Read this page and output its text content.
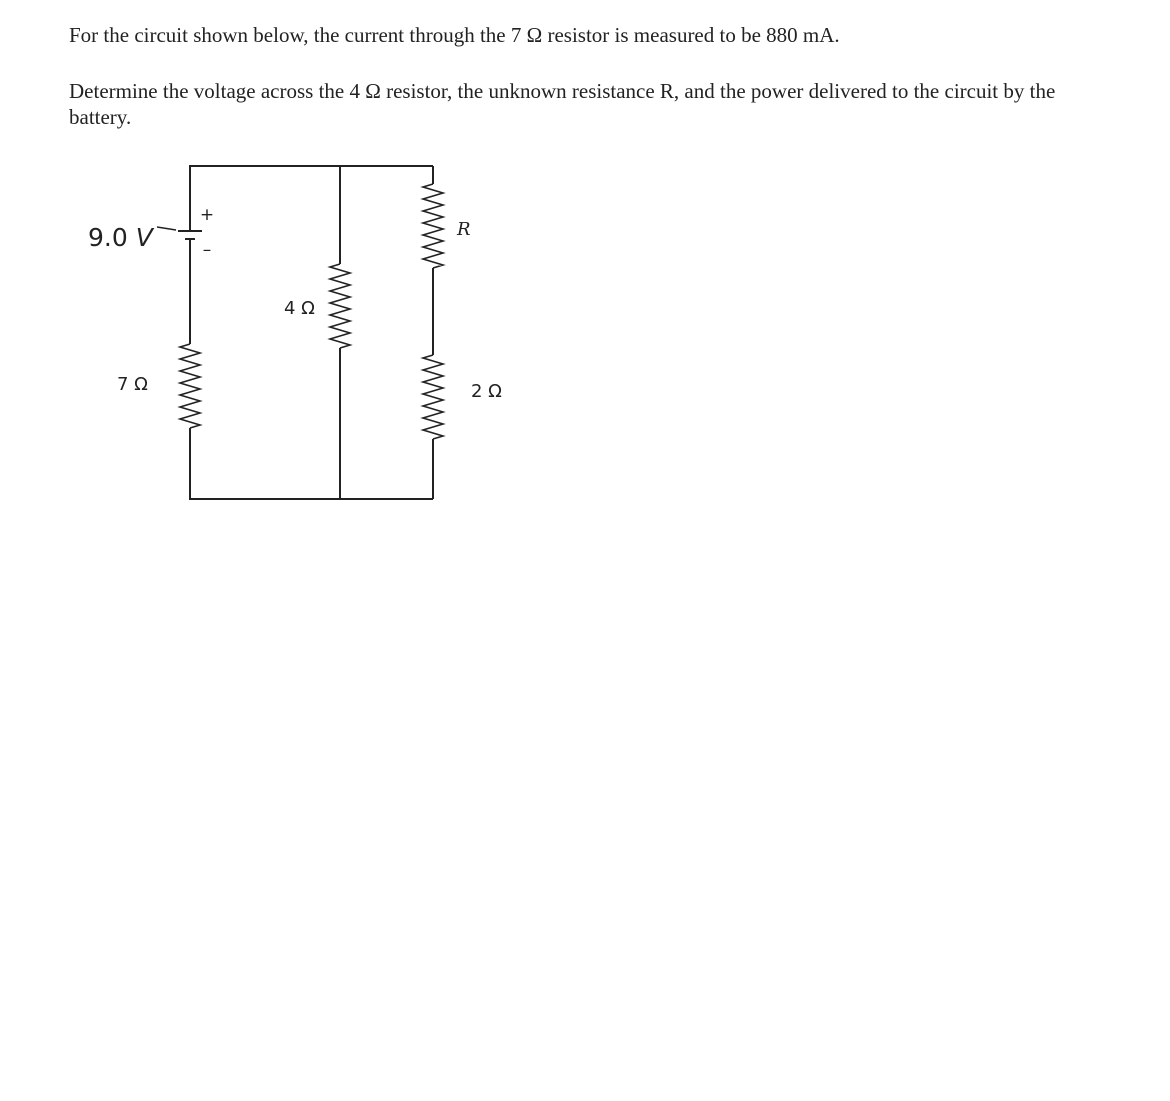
For the circuit shown below, the current through the 7 Ω resistor is measured to be 880 mA.

Determine the voltage across the 4 Ω resistor, the unknown resistance R, and the power delivered to the circuit by the battery.

9.0 V
+
–
7 Ω
4 Ω
R
2 Ω
